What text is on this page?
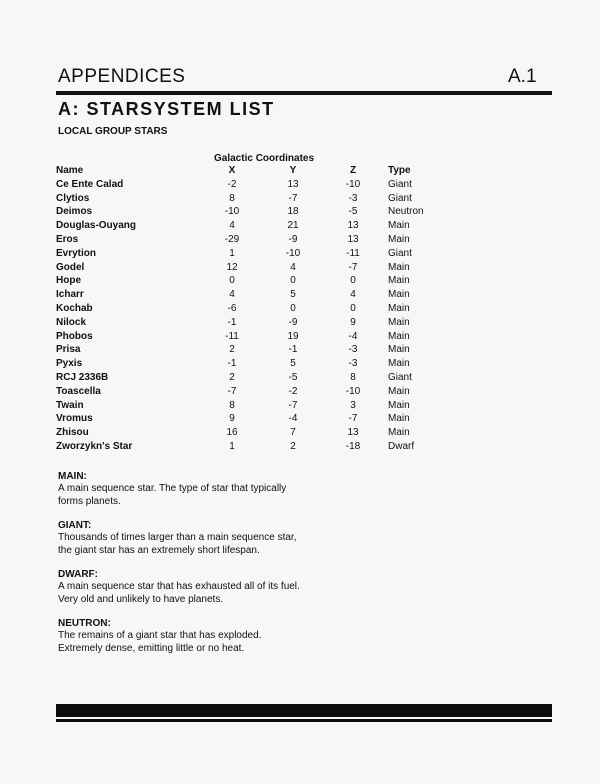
APPENDICES	A.1
A: STARSYSTEM LIST
LOCAL GROUP STARS
Galactic Coordinates
Name	X	Y	Z	Type
Ce Ente Calad	-2	13	-10	Giant
Clytios	8	-7	-3	Giant
Deimos	-10	18	-5	Neutron
Douglas-Ouyang	4	21	13	Main
Eros	-29	-9	13	Main
Evrytion	1	-10	-11	Giant
Godel	12	4	-7	Main
Hope	0	0	0	Main
Icharr	4	5	4	Main
Kochab	-6	0	0	Main
Nilock	-1	-9	9	Main
Phobos	-11	19	-4	Main
Prisa	2	-1	-3	Main
Pyxis	-1	5	-3	Main
RCJ 2336B	2	-5	8	Giant
Toascella	-7	-2	-10	Main
Twain	8	-7	3	Main
Vromus	9	-4	-7	Main
Zhisou	16	7	13	Main
Zworzykn's Star	1	2	-18	Dwarf
MAIN:
A main sequence star. The type of star that typically
forms planets.
GIANT:
Thousands of times larger than a main sequence star,
the giant star has an extremely short lifespan.
DWARF:
A main sequence star that has exhausted all of its fuel.
Very old and unlikely to have planets.
NEUTRON:
The remains of a giant star that has exploded.
Extremely dense, emitting little or no heat.
